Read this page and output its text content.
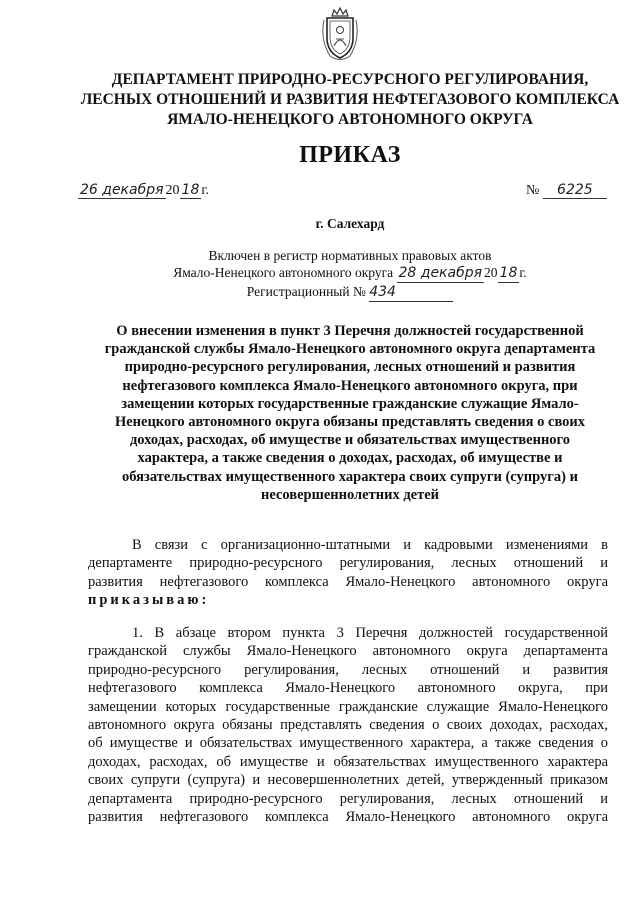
ДЕПАРТАМЕНТ ПРИРОДНО-РЕСУРСНОГО РЕГУЛИРОВАНИЯ,
ЛЕСНЫХ ОТНОШЕНИЙ И РАЗВИТИЯ НЕФТЕГАЗОВОГО КОМПЛЕКСА
ЯМАЛО-НЕНЕЦКОГО АВТОНОМНОГО ОКРУГА
ПРИКАЗ
26 декабря 20 18 г.	№ 6225
г. Салехард
Включен в регистр нормативных правовых актов
Ямало-Ненецкого автономного округа 28 декабря 20 18 г.
Регистрационный № 434
О внесении изменения в пункт 3 Перечня должностей государственной
гражданской службы Ямало-Ненецкого автономного округа департамента
природно-ресурсного регулирования, лесных отношений и развития
нефтегазового комплекса Ямало-Ненецкого автономного округа, при
замещении которых государственные гражданские служащие Ямало-
Ненецкого автономного округа обязаны представлять сведения о своих
доходах, расходах, об имуществе и обязательствах имущественного
характера, а также сведения о доходах, расходах, об имуществе и
обязательствах имущественного характера своих супруги (супруга) и
несовершеннолетних детей
В связи с организационно-штатными и кадровыми изменениями в
департаменте природно-ресурсного регулирования, лесных отношений и
развития нефтегазового комплекса Ямало-Ненецкого автономного округа
приказываю:
1. В абзаце втором пункта 3 Перечня должностей государственной
гражданской службы Ямало-Ненецкого автономного округа департамента
природно-ресурсного регулирования, лесных отношений и развития
нефтегазового комплекса Ямало-Ненецкого автономного округа, при
замещении которых государственные гражданские служащие Ямало-Ненецкого
автономного округа обязаны представлять сведения о своих доходах, расходах,
об имуществе и обязательствах имущественного характера, а также сведения о
доходах, расходах, об имуществе и обязательствах имущественного характера
своих супруги (супруга) и несовершеннолетних детей, утвержденный приказом
департамента природно-ресурсного регулирования, лесных отношений и
развития нефтегазового комплекса Ямало-Ненецкого автономного округа
